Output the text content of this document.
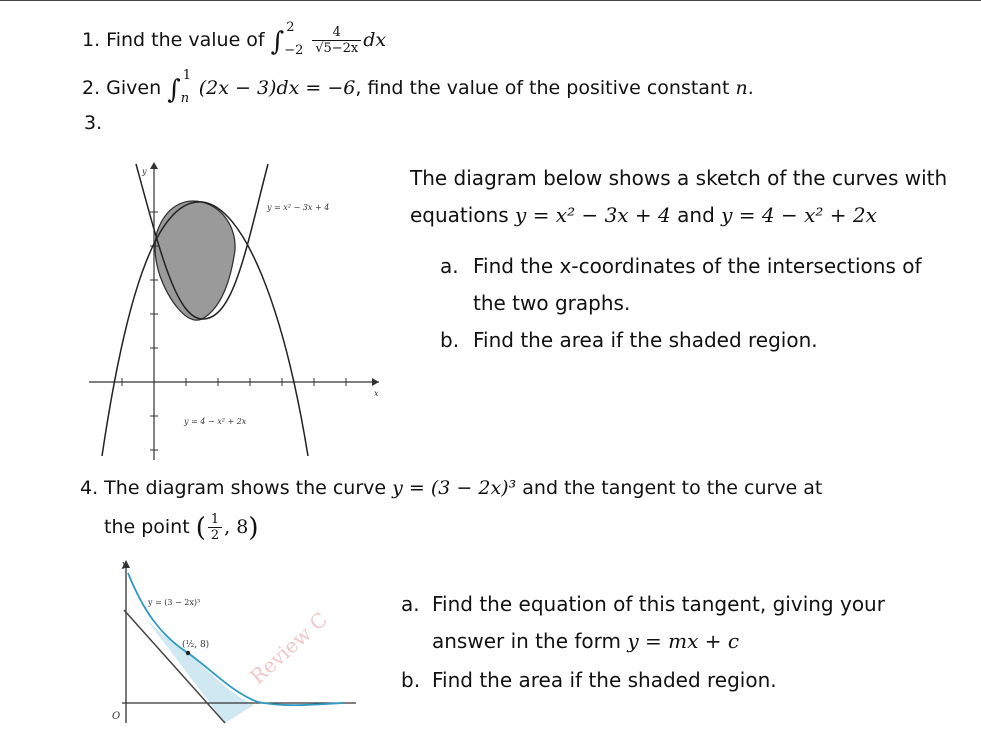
1. Find the value of ∫ 2
$-2 \frac{4}{√5-2x}$ dx
2. Given ∫ 1
n (2x − 3)dx = −6, find the value of the positive constant n.
3.
y = x² − 3x + 4
y = 4 − x² + 2x
y
x
The diagram below shows a sketch of the curves with
equations y = x² − 3x + 4 and y = 4 − x² + 2x
a. Find the x-coordinates of the intersections of
the two graphs.
b. Find the area if the shaded region.
4. The diagram shows the curve y = (3 − 2x)³ and the tangent to the curve at
the point ( $\frac{1}{2}$ , 8)
y
O
y = (3 − 2x)³
(½, 8) Review C
a. Find the equation of this tangent, giving your
answer in the form y = mx + c
b. Find the area if the shaded region.
